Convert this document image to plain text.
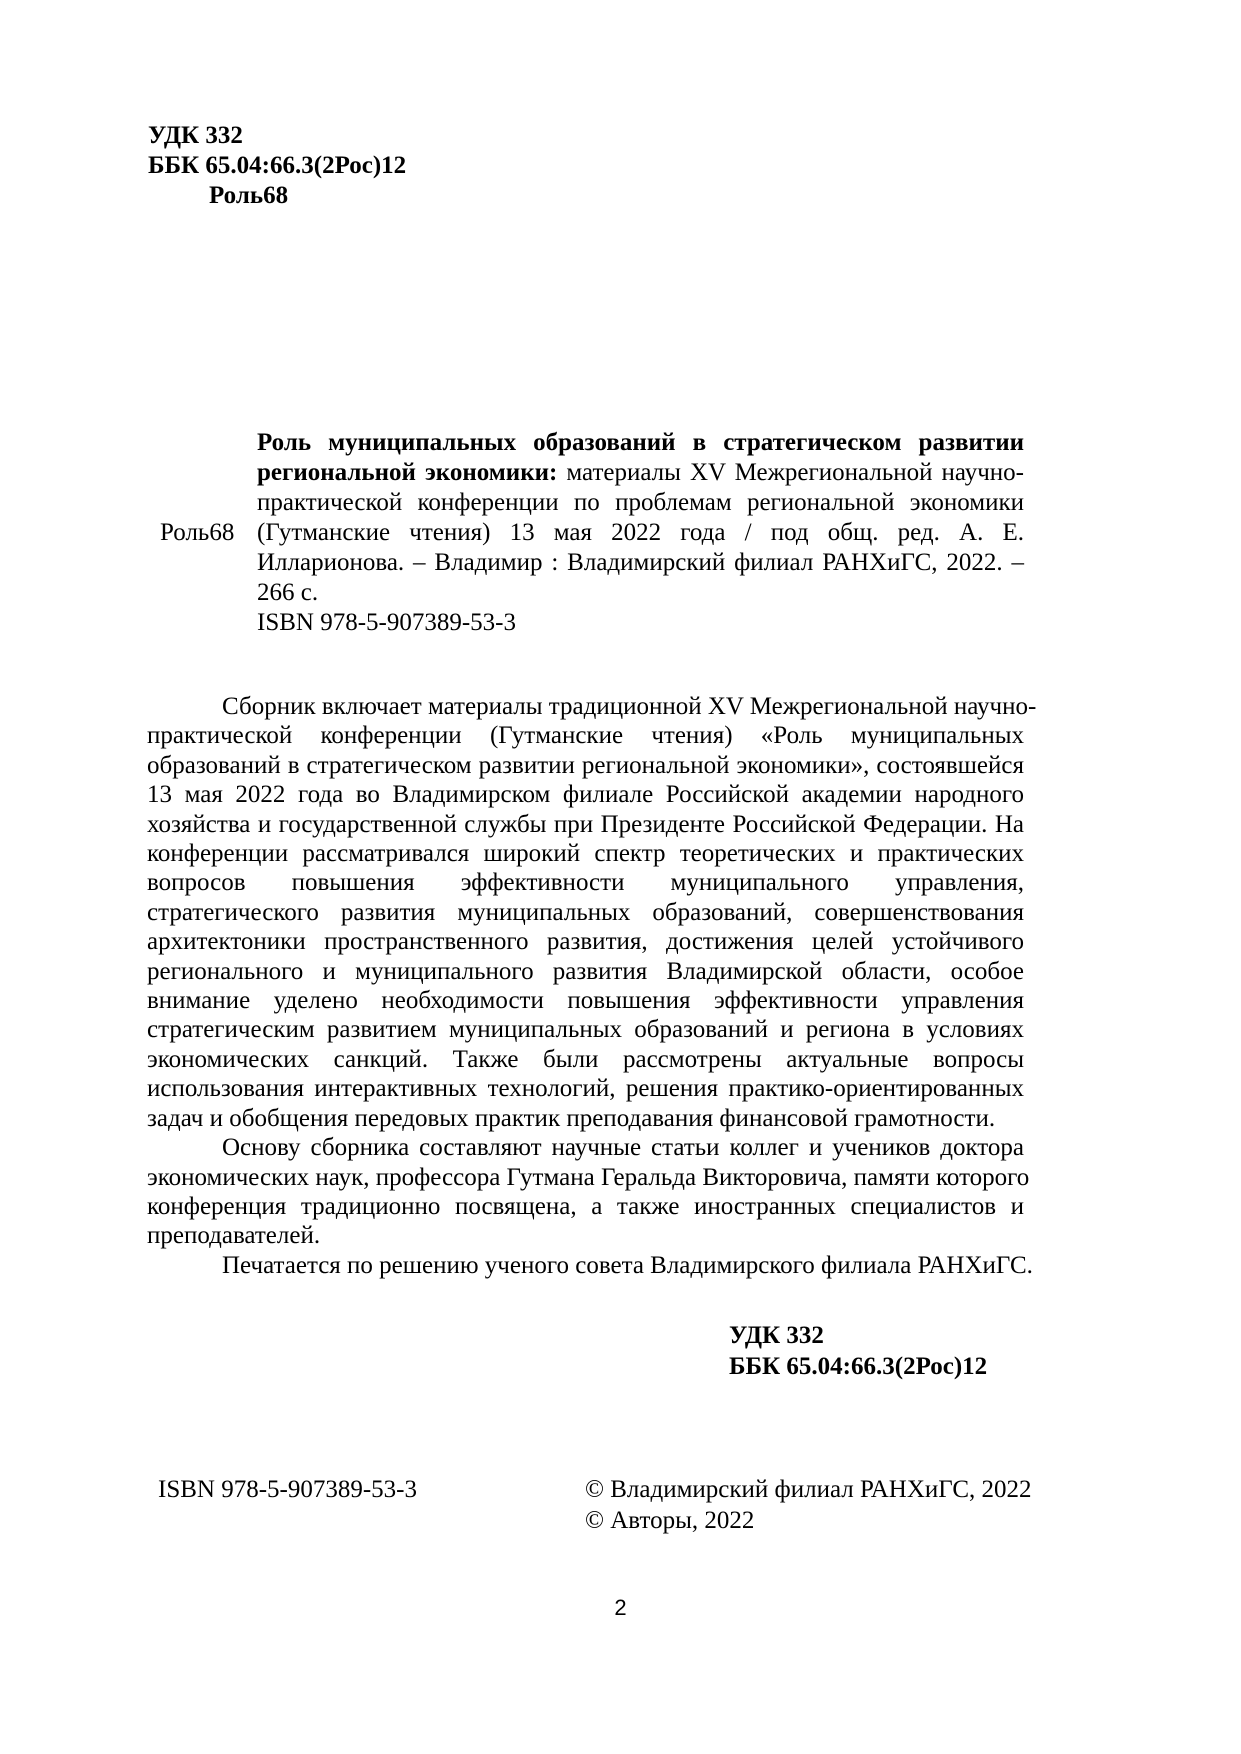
УДК 332
ББК 65.04:66.3(2Рос)12
Роль68
Роль68
Роль муниципальных образований в стратегическом развитии
региональной экономики: материалы XV Межрегиональной научно-
практической конференции по проблемам региональной экономики
(Гутманские чтения) 13 мая 2022 года / под общ. ред. А. Е.
Илларионова. – Владимир : Владимирский филиал РАНХиГС, 2022. –
266 с.
ISBN 978-5-907389-53-3
Сборник включает материалы традиционной XV Межрегиональной научно-
практической конференции (Гутманские чтения) «Роль муниципальных
образований в стратегическом развитии региональной экономики», состоявшейся
13 мая 2022 года во Владимирском филиале Российской академии народного
хозяйства и государственной службы при Президенте Российской Федерации. На
конференции рассматривался широкий спектр теоретических и практических
вопросов повышения эффективности муниципального управления,
стратегического развития муниципальных образований, совершенствования
архитектоники пространственного развития, достижения целей устойчивого
регионального и муниципального развития Владимирской области, особое
внимание уделено необходимости повышения эффективности управления
стратегическим развитием муниципальных образований и региона в условиях
экономических санкций. Также были рассмотрены актуальные вопросы
использования интерактивных технологий, решения практико-ориентированных
задач и обобщения передовых практик преподавания финансовой грамотности.
Основу сборника составляют научные статьи коллег и учеников доктора
экономических наук, профессора Гутмана Геральда Викторовича, памяти которого
конференция традиционно посвящена, а также иностранных специалистов и
преподавателей.
Печатается по решению ученого совета Владимирского филиала РАНХиГС.
УДК 332
ББК 65.04:66.3(2Рос)12
ISBN 978-5-907389-53-3	© Владимирский филиал РАНХиГС, 2022
© Авторы, 2022
2
